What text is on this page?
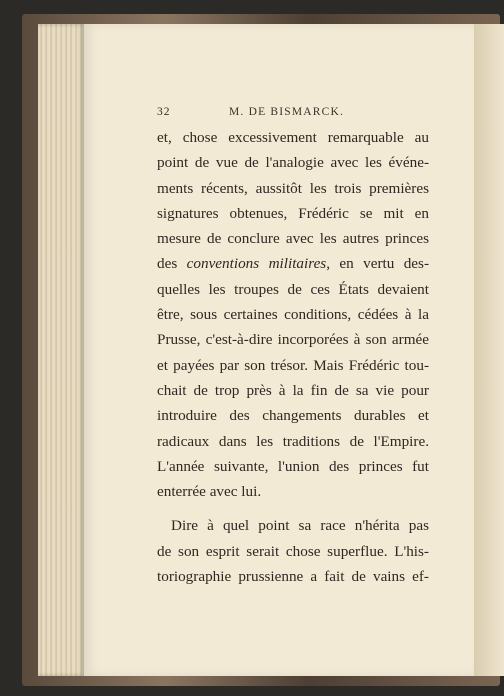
32	M. DE BISMARCK.
et, chose excessivement remarquable au
point de vue de l'analogie avec les événe-
ments récents, aussitôt les trois premières
signatures obtenues, Frédéric se mit en
mesure de conclure avec les autres princes
des conventions militaires, en vertu des-
quelles les troupes de ces États devaient
être, sous certaines conditions, cédées à la
Prusse, c'est-à-dire incorporées à son armée
et payées par son trésor. Mais Frédéric tou-
chait de trop près à la fin de sa vie pour
introduire des changements durables et
radicaux dans les traditions de l'Empire.
L'année suivante, l'union des princes fut
enterrée avec lui.
Dire à quel point sa race n'hérita pas
de son esprit serait chose superflue. L'his-
toriographie prussienne a fait de vains ef-
